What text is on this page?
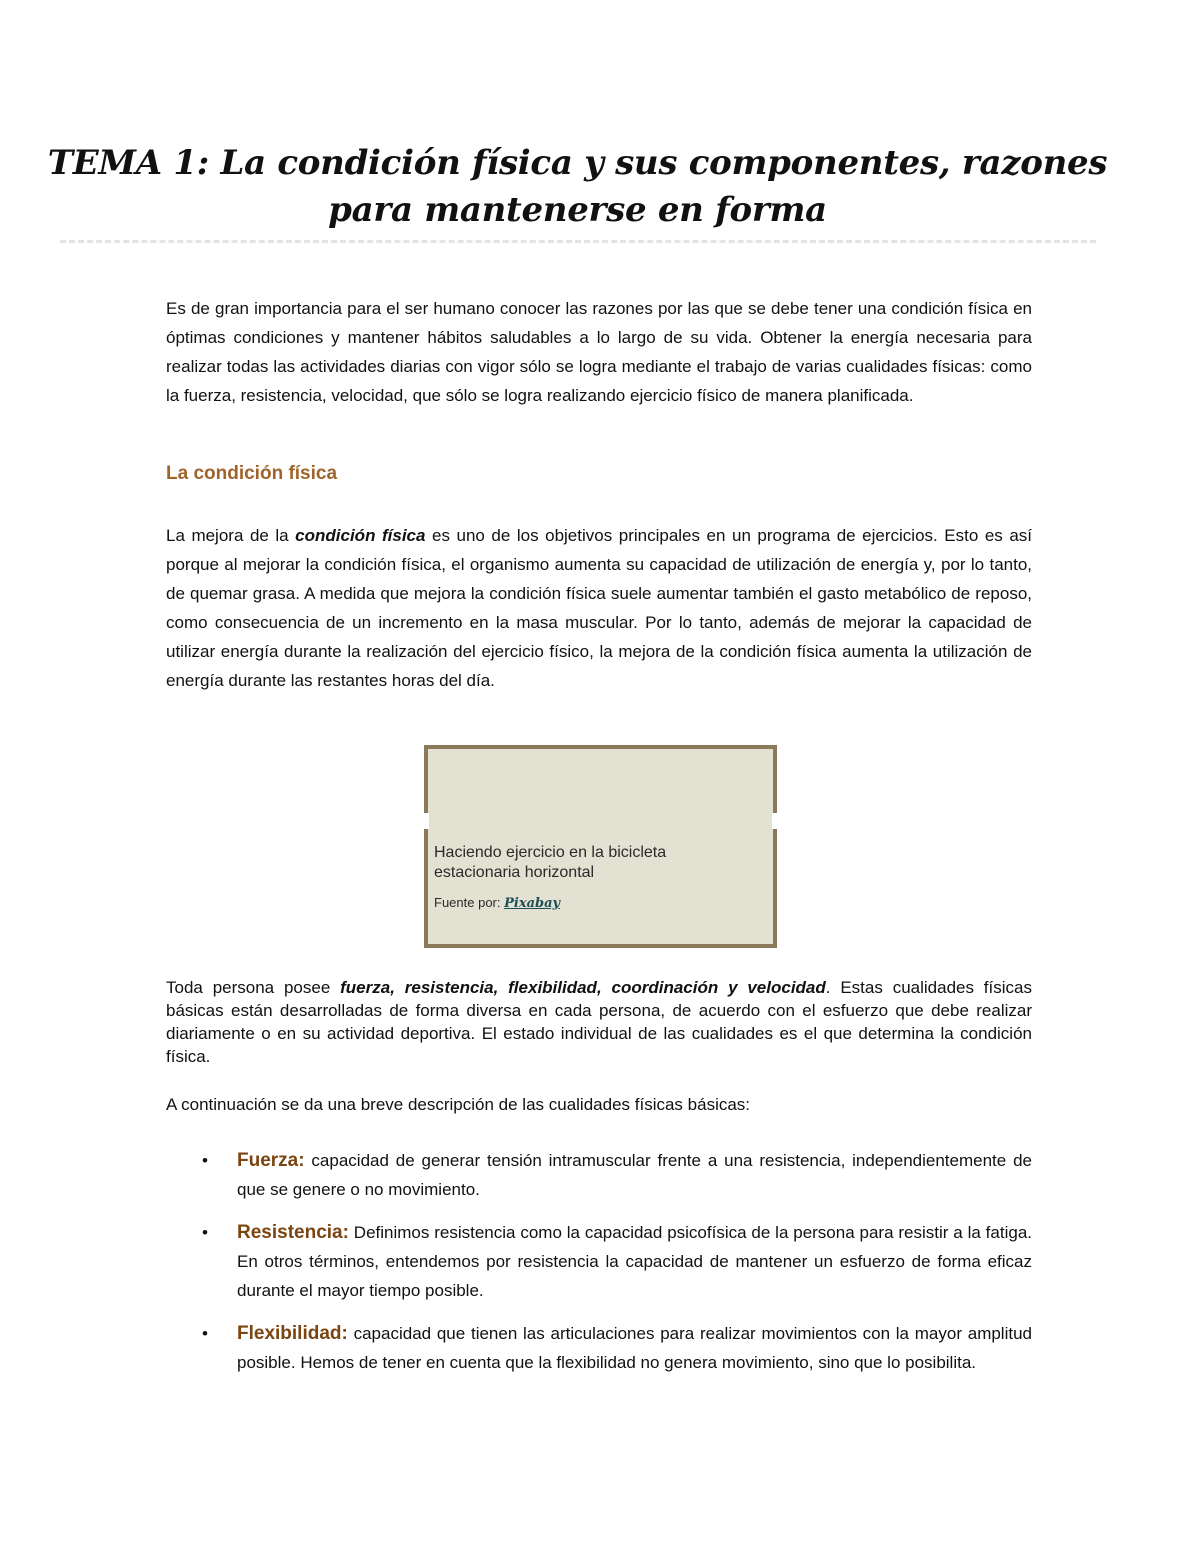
TEMA 1: La condición física y sus componentes, razones
para mantenerse en forma

Es de gran importancia para el ser humano conocer las razones por las que se debe tener una condición física en óptimas condiciones y mantener hábitos saludables a lo largo de su vida. Obtener la energía necesaria para realizar todas las actividades diarias con vigor sólo se logra mediante el trabajo de varias cualidades físicas: como la fuerza, resistencia, velocidad, que sólo se logra realizando ejercicio físico de manera planificada.

La condición física

La mejora de la condición física es uno de los objetivos principales en un programa de ejercicios. Esto es así porque al mejorar la condición física, el organismo aumenta su capacidad de utilización de energía y, por lo tanto, de quemar grasa. A medida que mejora la condición física suele aumentar también el gasto metabólico de reposo, como consecuencia de un incremento en la masa muscular. Por lo tanto, además de mejorar la capacidad de utilizar energía durante la realización del ejercicio físico, la mejora de la condición física aumenta la utilización de energía durante las restantes horas del día.

Haciendo ejercicio en la bicicleta estacionaria horizontal

Fuente por: Pixabay

Toda persona posee fuerza, resistencia, flexibilidad, coordinación y velocidad. Estas cualidades físicas básicas están desarrolladas de forma diversa en cada persona, de acuerdo con el esfuerzo que debe realizar diariamente o en su actividad deportiva. El estado individual de las cualidades es el que determina la condición física.

A continuación se da una breve descripción de las cualidades físicas básicas:

• Fuerza: capacidad de generar tensión intramuscular frente a una resistencia, independientemente de que se genere o no movimiento.
• Resistencia: Definimos resistencia como la capacidad psicofísica de la persona para resistir a la fatiga. En otros términos, entendemos por resistencia la capacidad de mantener un esfuerzo de forma eficaz durante el mayor tiempo posible.
• Flexibilidad: capacidad que tienen las articulaciones para realizar movimientos con la mayor amplitud posible. Hemos de tener en cuenta que la flexibilidad no genera movimiento, sino que lo posibilita.
